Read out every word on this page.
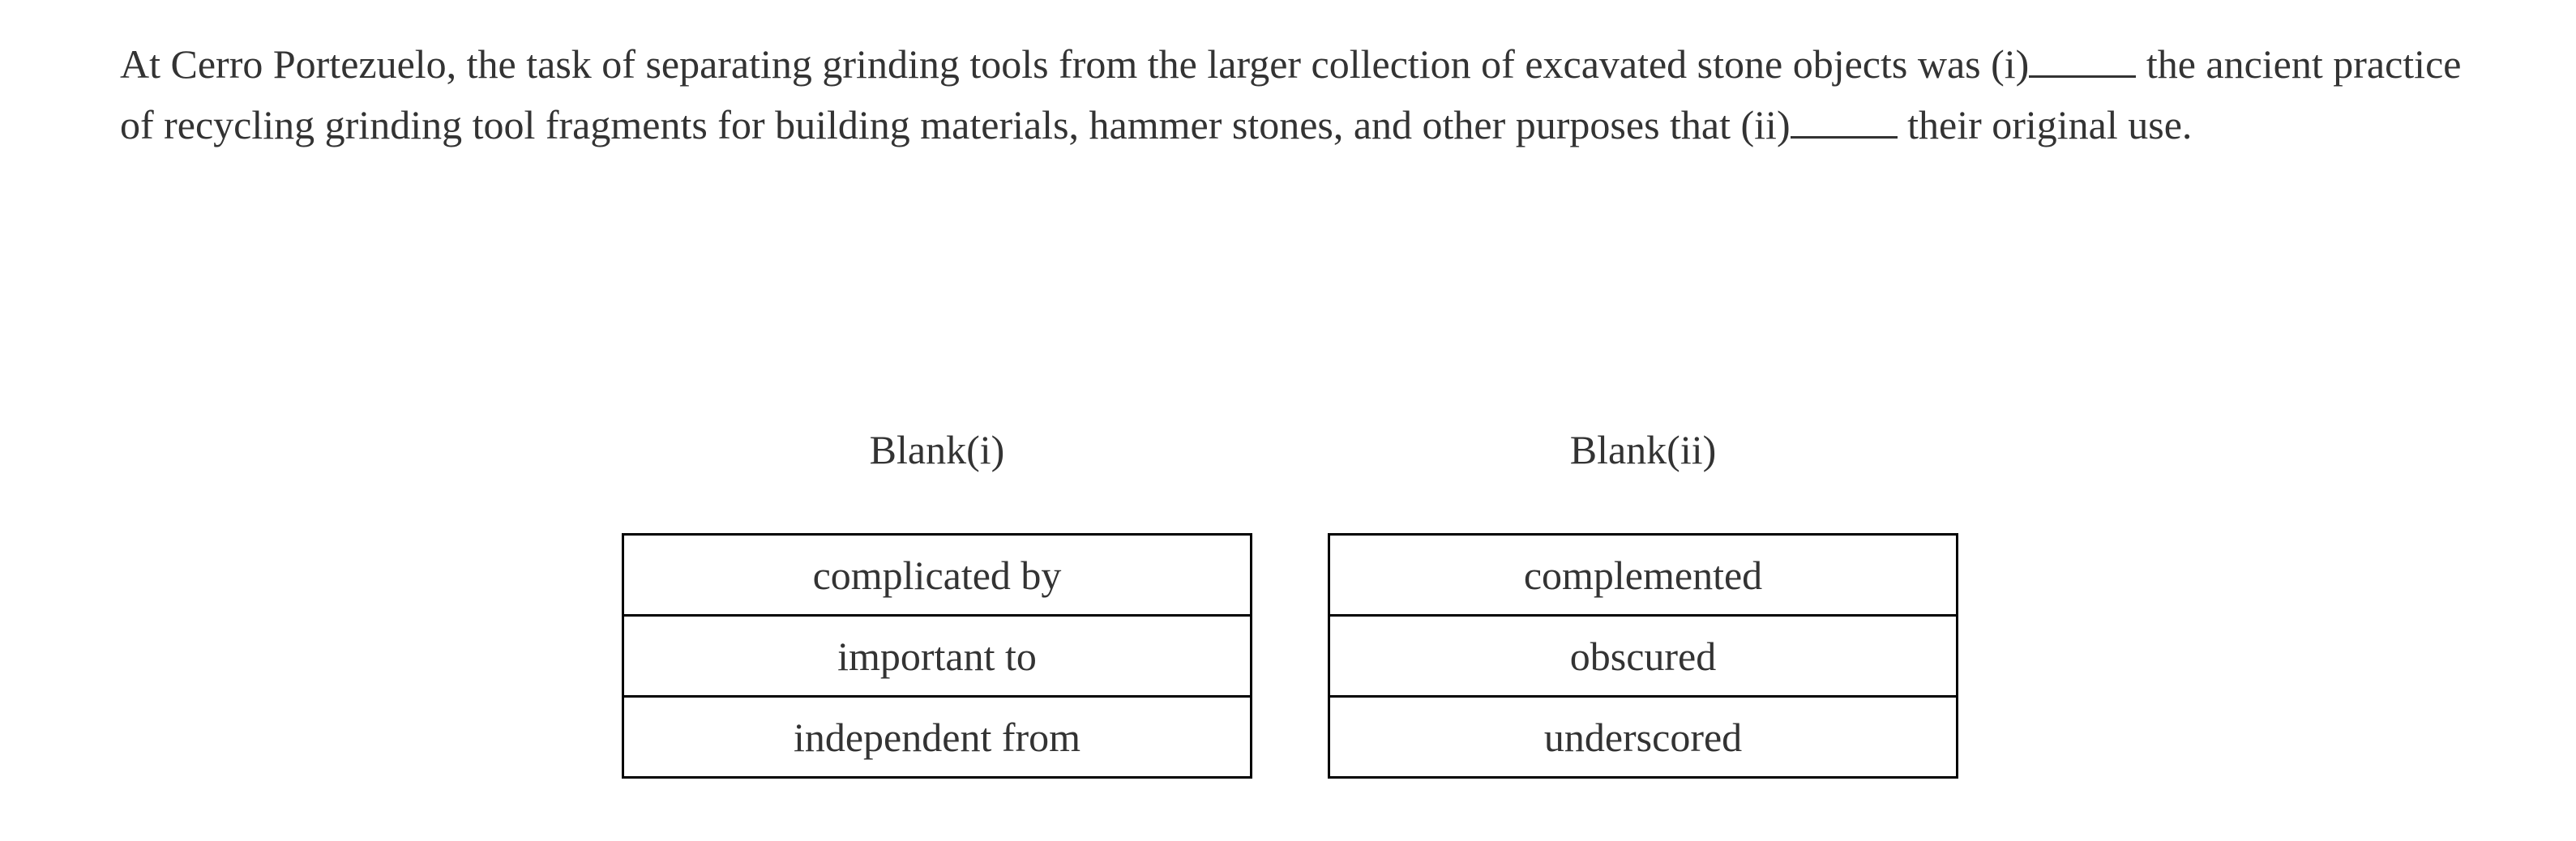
At Cerro Portezuelo, the task of separating grinding tools from the larger collection of excavated stone objects was (i)	the ancient practice of recycling grinding tool fragments for building materials, hammer stones, and other purposes that (ii)	their original use.

Blank(i)
complicated by
important to
independent from
Blank(ii)
complemented
obscured
underscored
